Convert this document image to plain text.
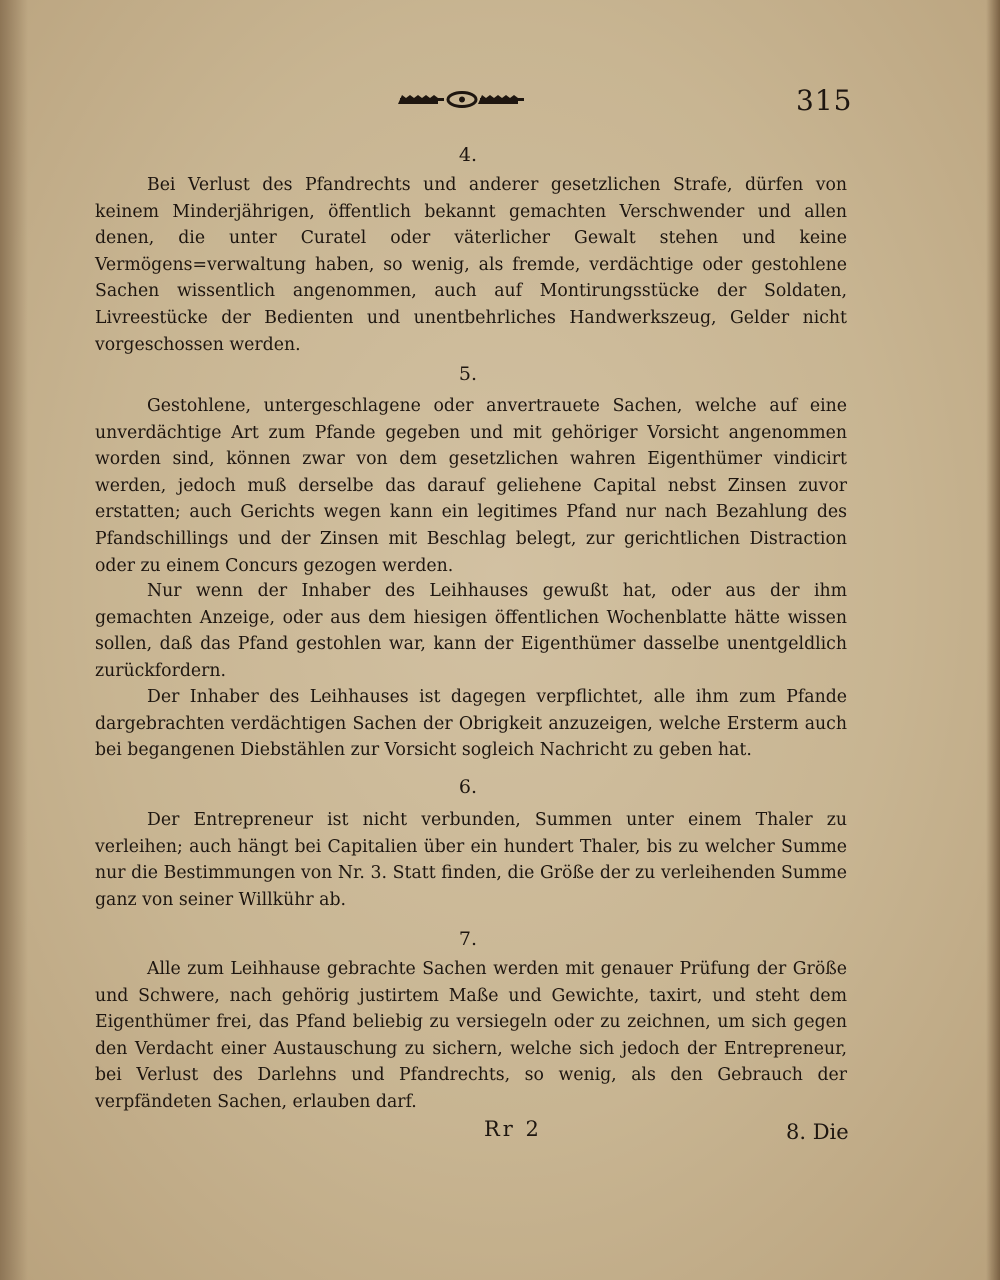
315
4.

Bei Verlust des Pfandrechts und anderer gesetzlichen Strafe, dürfen von keinem Minderjährigen, öffentlich bekannt gemachten Verschwender und allen denen, die unter Curatel oder väterlicher Gewalt stehen und keine Vermögens=verwaltung haben, so wenig, als fremde, verdächtige oder gestohlene Sachen wissentlich angenommen, auch auf Montirungsstücke der Soldaten, Livreestücke der Bedienten und unentbehrliches Handwerkszeug, Gelder nicht vorgeschossen werden.

5.

Gestohlene, untergeschlagene oder anvertrauete Sachen, welche auf eine unverdächtige Art zum Pfande gegeben und mit gehöriger Vorsicht angenommen worden sind, können zwar von dem gesetzlichen wahren Eigenthümer vindicirt werden, jedoch muß derselbe das darauf geliehene Capital nebst Zinsen zuvor erstatten; auch Gerichts wegen kann ein legitimes Pfand nur nach Bezahlung des Pfandschillings und der Zinsen mit Beschlag belegt, zur gerichtlichen Distraction oder zu einem Concurs gezogen werden.

Nur wenn der Inhaber des Leihhauses gewußt hat, oder aus der ihm gemachten Anzeige, oder aus dem hiesigen öffentlichen Wochenblatte hätte wissen sollen, daß das Pfand gestohlen war, kann der Eigenthümer dasselbe unentgeldlich zurückfordern.

Der Inhaber des Leihhauses ist dagegen verpflichtet, alle ihm zum Pfande dargebrachten verdächtigen Sachen der Obrigkeit anzuzeigen, welche Ersterm auch bei begangenen Diebstählen zur Vorsicht sogleich Nachricht zu geben hat.

6.

Der Entrepreneur ist nicht verbunden, Summen unter einem Thaler zu verleihen; auch hängt bei Capitalien über ein hundert Thaler, bis zu welcher Summe nur die Bestimmungen von Nr. 3. Statt finden, die Größe der zu verleihenden Summe ganz von seiner Willkühr ab.

7.

Alle zum Leihhause gebrachte Sachen werden mit genauer Prüfung der Größe und Schwere, nach gehörig justirtem Maße und Gewichte, taxirt, und steht dem Eigenthümer frei, das Pfand beliebig zu versiegeln oder zu zeichnen, um sich gegen den Verdacht einer Austauschung zu sichern, welche sich jedoch der Entrepreneur, bei Verlust des Darlehns und Pfandrechts, so wenig, als den Gebrauch der verpfändeten Sachen, erlauben darf.

Rr 2	8. Die
